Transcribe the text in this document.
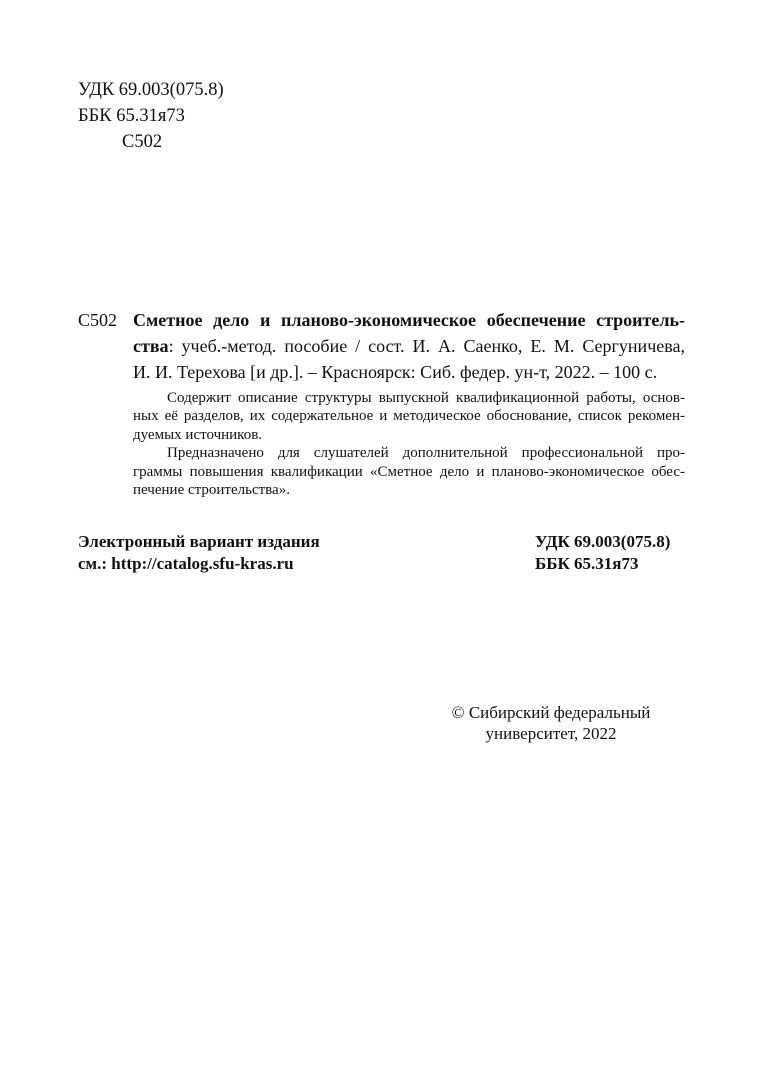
УДК 69.003(075.8)
ББК 65.31я73
С502
С502 Сметное дело и планово-экономическое обеспечение строитель-
ства: учеб.-метод. пособие / сост. И. А. Саенко, Е. М. Сергуничева,
И. И. Терехова [и др.]. – Красноярск: Сиб. федер. ун-т, 2022. – 100 с.
Содержит описание структуры выпускной квалификационной работы, основ-
ных её разделов, их содержательное и методическое обоснование, список рекомен-
дуемых источников.
Предназначено для слушателей дополнительной профессиональной про-
граммы повышения квалификации «Сметное дело и планово-экономическое обес-
печение строительства».
Электронный вариант издания
см.: http://catalog.sfu-kras.ru
УДК 69.003(075.8)
ББК 65.31я73
© Сибирский федеральный
университет, 2022
